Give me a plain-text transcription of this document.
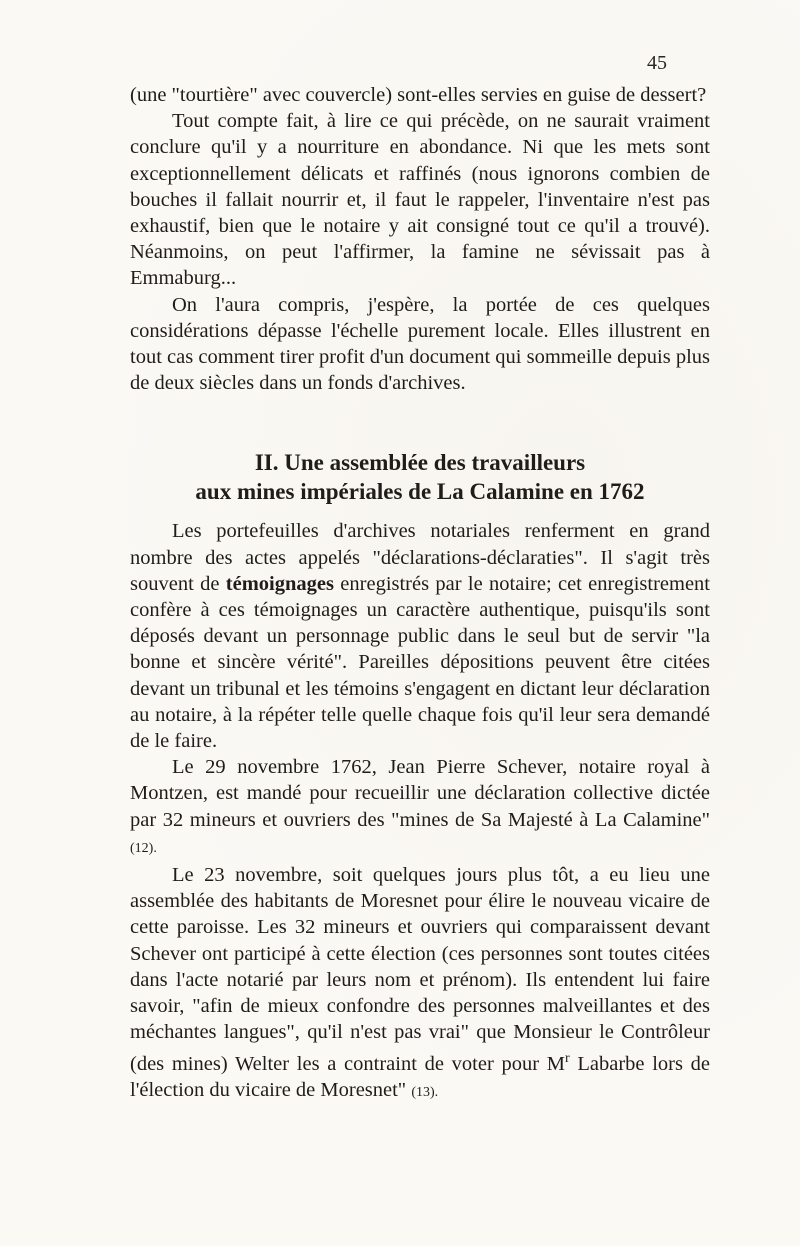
45

(une "tourtière" avec couvercle) sont-elles servies en guise de dessert?

Tout compte fait, à lire ce qui précède, on ne saurait vraiment conclure qu'il y a nourriture en abondance. Ni que les mets sont exceptionnellement délicats et raffinés (nous ignorons combien de bouches il fallait nourrir et, il faut le rappeler, l'inventaire n'est pas exhaustif, bien que le notaire y ait consigné tout ce qu'il a trouvé). Néanmoins, on peut l'affirmer, la famine ne sévissait pas à Emmaburg...

On l'aura compris, j'espère, la portée de ces quelques considérations dépasse l'échelle purement locale. Elles illustrent en tout cas comment tirer profit d'un document qui sommeille depuis plus de deux siècles dans un fonds d'archives.

II. Une assemblée des travailleurs
aux mines impériales de La Calamine en 1762

Les portefeuilles d'archives notariales renferment en grand nombre des actes appelés "déclarations-déclaraties". Il s'agit très souvent de témoignages enregistrés par le notaire; cet enregistrement confère à ces témoignages un caractère authentique, puisqu'ils sont déposés devant un personnage public dans le seul but de servir "la bonne et sincère vérité". Pareilles dépositions peuvent être citées devant un tribunal et les témoins s'engagent en dictant leur déclaration au notaire, à la répéter telle quelle chaque fois qu'il leur sera demandé de le faire.

Le 29 novembre 1762, Jean Pierre Schever, notaire royal à Montzen, est mandé pour recueillir une déclaration collective dictée par 32 mineurs et ouvriers des "mines de Sa Majesté à La Calamine" (12).

Le 23 novembre, soit quelques jours plus tôt, a eu lieu une assemblée des habitants de Moresnet pour élire le nouveau vicaire de cette paroisse. Les 32 mineurs et ouvriers qui comparaissent devant Schever ont participé à cette élection (ces personnes sont toutes citées dans l'acte notarié par leurs nom et prénom). Ils entendent lui faire savoir, "afin de mieux confondre des personnes malveillantes et des méchantes langues", qu'il n'est pas vrai" que Monsieur le Contrôleur (des mines) Welter les a contraint de voter pour M$^r$ Labarbe lors de l'élection du vicaire de Moresnet" (13).
